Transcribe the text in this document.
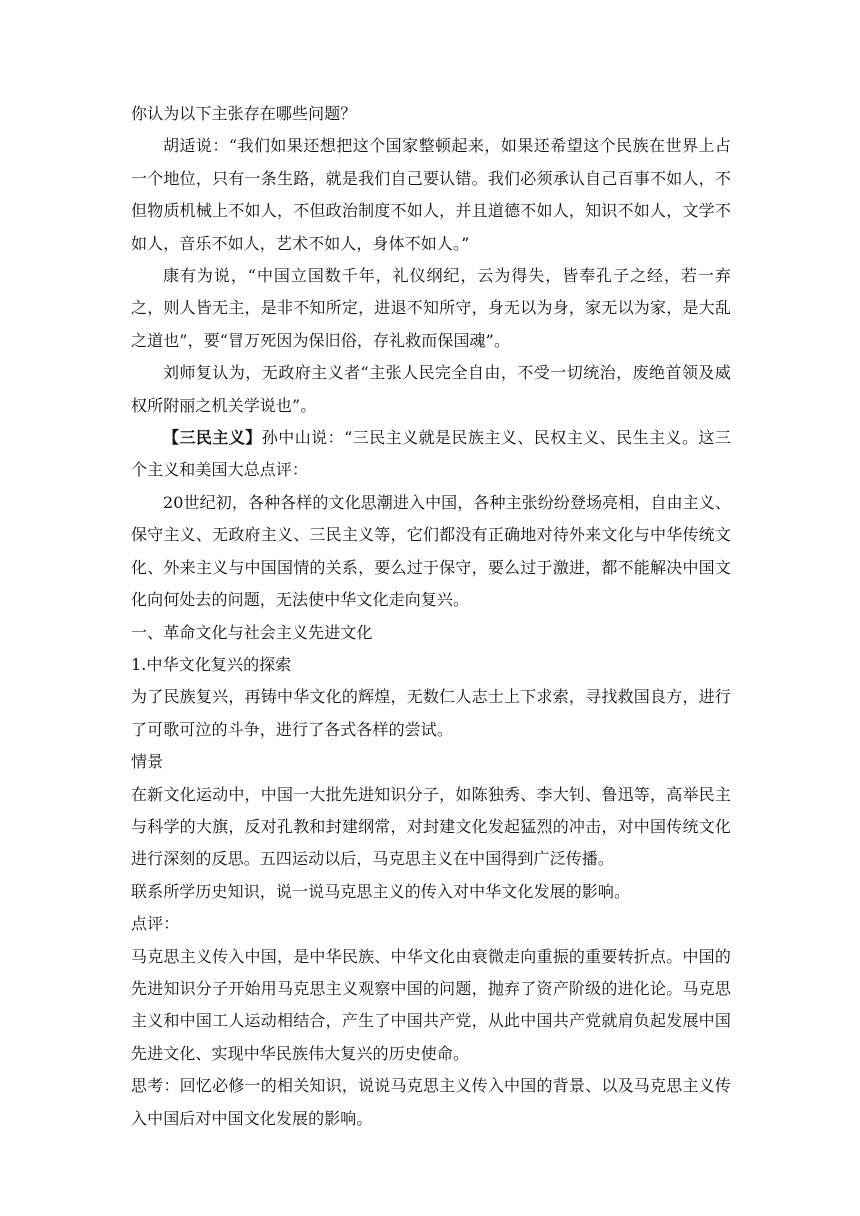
你认为以下主张存在哪些问题？

胡适说：“我们如果还想把这个国家整顿起来，如果还希望这个民族在世界上占一个地位，只有一条生路，就是我们自己要认错。我们必须承认自己百事不如人，不但物质机械上不如人，不但政治制度不如人，并且道德不如人，知识不如人，文学不如人，音乐不如人，艺术不如人，身体不如人。”

康有为说，“中国立国数千年，礼仪纲纪，云为得失，皆奉孔子之经，若一弃之，则人皆无主，是非不知所定，进退不知所守，身无以为身，家无以为家，是大乱之道也”，要“冒万死因为保旧俗，存礼救而保国魂”。

刘师复认为，无政府主义者“主张人民完全自由，不受一切统治，废绝首领及威权所附丽之机关学说也”。

【三民主义】孙中山说：“三民主义就是民族主义、民权主义、民生主义。这三个主义和美国大总点评：

20世纪初，各种各样的文化思潮进入中国，各种主张纷纷登场亮相，自由主义、保守主义、无政府主义、三民主义等，它们都没有正确地对待外来文化与中华传统文化、外来主义与中国国情的关系，要么过于保守，要么过于激进，都不能解决中国文化向何处去的问题，无法使中华文化走向复兴。

一、革命文化与社会主义先进文化

1.中华文化复兴的探索

为了民族复兴，再铸中华文化的辉煌，无数仁人志士上下求索，寻找救国良方，进行了可歌可泣的斗争，进行了各式各样的尝试。

情景

在新文化运动中，中国一大批先进知识分子，如陈独秀、李大钊、鲁迅等，高举民主与科学的大旗，反对孔教和封建纲常，对封建文化发起猛烈的冲击，对中国传统文化进行深刻的反思。五四运动以后，马克思主义在中国得到广泛传播。

联系所学历史知识，说一说马克思主义的传入对中华文化发展的影响。

点评：

马克思主义传入中国，是中华民族、中华文化由衰微走向重振的重要转折点。中国的先进知识分子开始用马克思主义观察中国的问题，抛弃了资产阶级的进化论。马克思主义和中国工人运动相结合，产生了中国共产党，从此中国共产党就肩负起发展中国先进文化、实现中华民族伟大复兴的历史使命。

思考：回忆必修一的相关知识，说说马克思主义传入中国的背景、以及马克思主义传入中国后对中国文化发展的影响。
